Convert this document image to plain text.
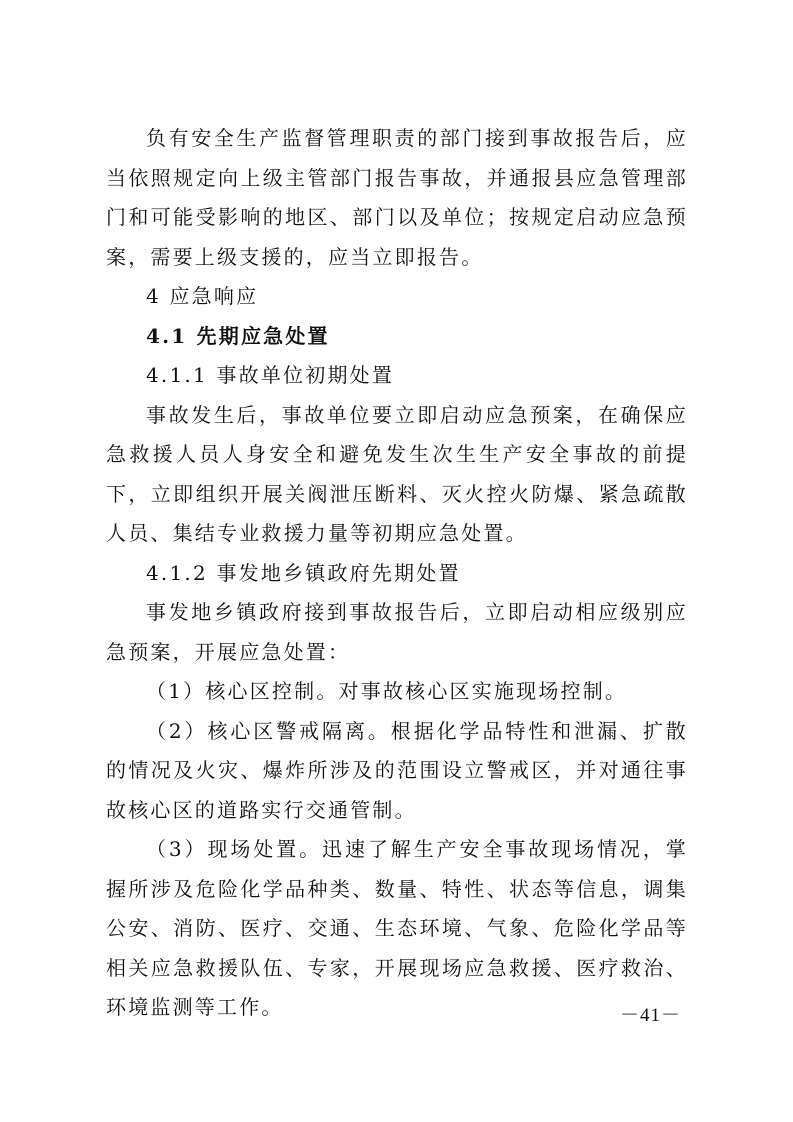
负有安全生产监督管理职责的部门接到事故报告后，应当依照规定向上级主管部门报告事故，并通报县应急管理部门和可能受影响的地区、部门以及单位；按规定启动应急预案，需要上级支援的，应当立即报告。

4 应急响应

4.1 先期应急处置

4.1.1 事故单位初期处置

事故发生后，事故单位要立即启动应急预案，在确保应急救援人员人身安全和避免发生次生生产安全事故的前提下，立即组织开展关阀泄压断料、灭火控火防爆、紧急疏散人员、集结专业救援力量等初期应急处置。

4.1.2 事发地乡镇政府先期处置

事发地乡镇政府接到事故报告后，立即启动相应级别应急预案，开展应急处置：

（1）核心区控制。对事故核心区实施现场控制。

（2）核心区警戒隔离。根据化学品特性和泄漏、扩散的情况及火灾、爆炸所涉及的范围设立警戒区，并对通往事故核心区的道路实行交通管制。

（3）现场处置。迅速了解生产安全事故现场情况，掌握所涉及危险化学品种类、数量、特性、状态等信息，调集公安、消防、医疗、交通、生态环境、气象、危险化学品等相关应急救援队伍、专家，开展现场应急救援、医疗救治、环境监测等工作。	－41－
